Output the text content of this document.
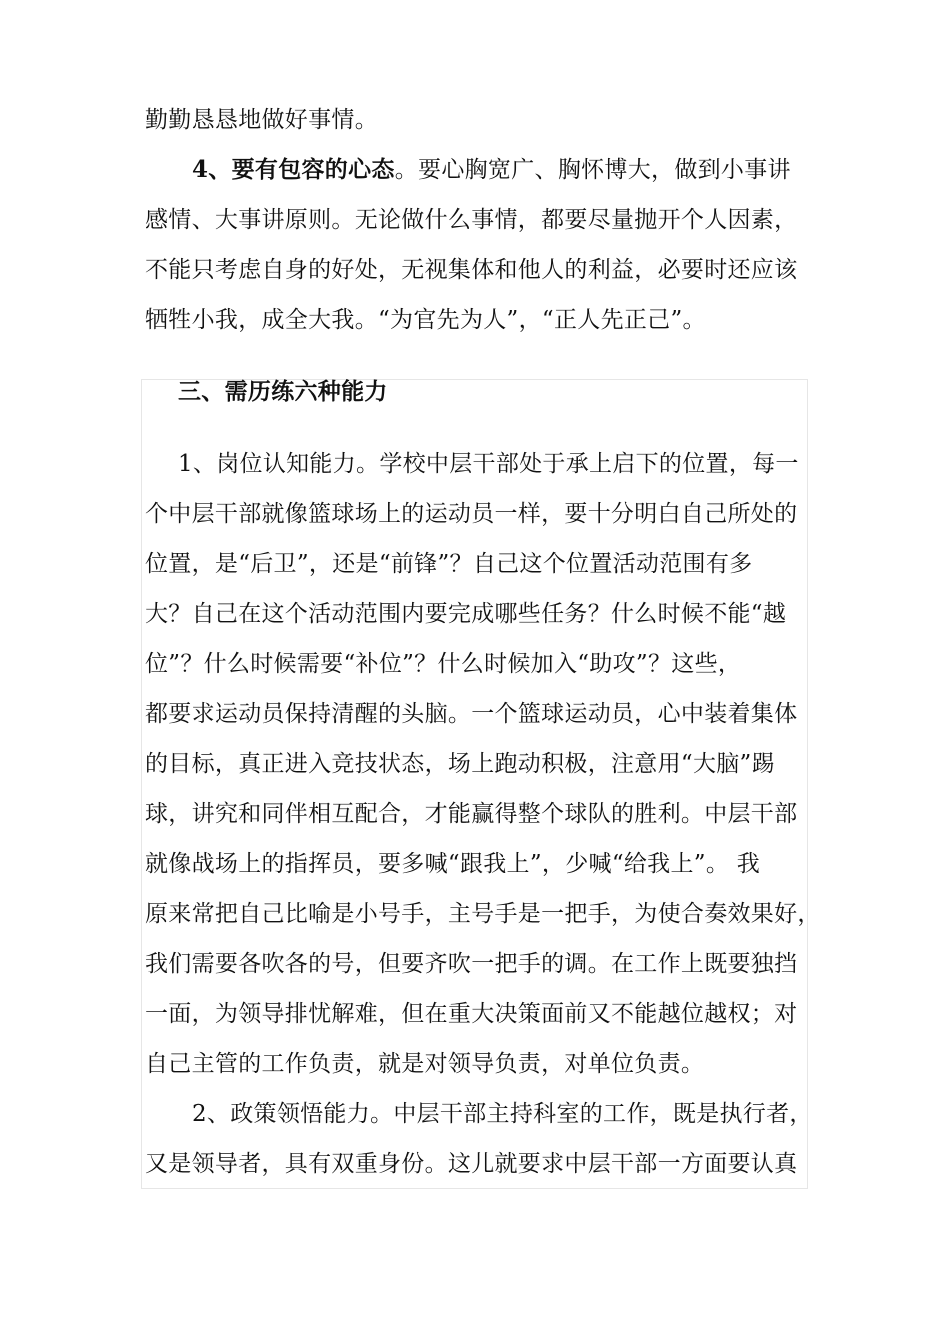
勤勤恳恳地做好事情。
4、要有包容的心态。要心胸宽广、胸怀博大，做到小事讲
感情、大事讲原则。无论做什么事情，都要尽量抛开个人因素，
不能只考虑自身的好处，无视集体和他人的利益，必要时还应该
牺牲小我，成全大我。“为官先为人”，“正人先正己”。
三、需历练六种能力
1、岗位认知能力。学校中层干部处于承上启下的位置，每一
个中层干部就像篮球场上的运动员一样，要十分明白自己所处的
位置，是“后卫”，还是“前锋”？自己这个位置活动范围有多
大？自己在这个活动范围内要完成哪些任务？什么时候不能“越
位”？什么时候需要“补位”？什么时候加入“助攻”？这些，
都要求运动员保持清醒的头脑。一个篮球运动员，心中装着集体
的目标，真正进入竞技状态，场上跑动积极，注意用“大脑”踢
球，讲究和同伴相互配合，才能赢得整个球队的胜利。中层干部
就像战场上的指挥员，要多喊“跟我上”，少喊“给我上”。 我
原来常把自己比喻是小号手，主号手是一把手，为使合奏效果好，
我们需要各吹各的号，但要齐吹一把手的调。在工作上既要独挡
一面，为领导排忧解难，但在重大决策面前又不能越位越权；对
自己主管的工作负责，就是对领导负责，对单位负责。
2、政策领悟能力。中层干部主持科室的工作，既是执行者，
又是领导者，具有双重身份。这儿就要求中层干部一方面要认真
